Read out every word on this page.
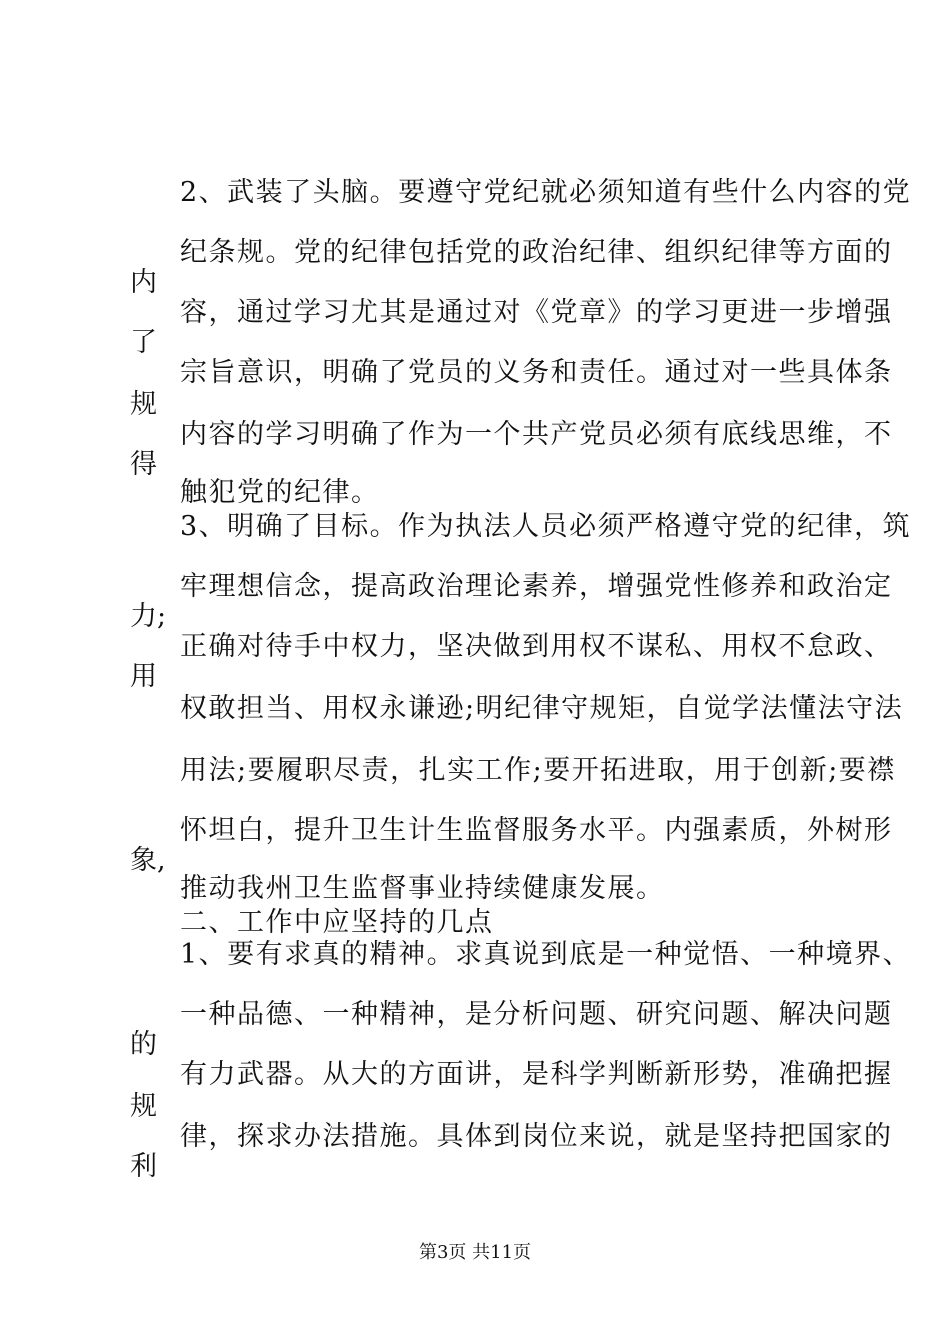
2、武装了头脑。要遵守党纪就必须知道有些什么内容的党
纪条规。党的纪律包括党的政治纪律、组织纪律等方面的
内
容，通过学习尤其是通过对《党章》的学习更进一步增强
了
宗旨意识，明确了党员的义务和责任。通过对一些具体条
规
内容的学习明确了作为一个共产党员必须有底线思维，不
得
触犯党的纪律。
3、明确了目标。作为执法人员必须严格遵守党的纪律，筑
牢理想信念，提高政治理论素养，增强党性修养和政治定
力;
正确对待手中权力，坚决做到用权不谋私、用权不怠政、
用
权敢担当、用权永谦逊;明纪律守规矩，自觉学法懂法守法
用法;要履职尽责，扎实工作;要开拓进取，用于创新;要襟
怀坦白，提升卫生计生监督服务水平。内强素质，外树形
象,
推动我州卫生监督事业持续健康发展。
二、工作中应坚持的几点
1、要有求真的精神。求真说到底是一种觉悟、一种境界、
一种品德、一种精神，是分析问题、研究问题、解决问题
的
有力武器。从大的方面讲，是科学判断新形势，准确把握
规
律，探求办法措施。具体到岗位来说，就是坚持把国家的
利
第3页 共11页
